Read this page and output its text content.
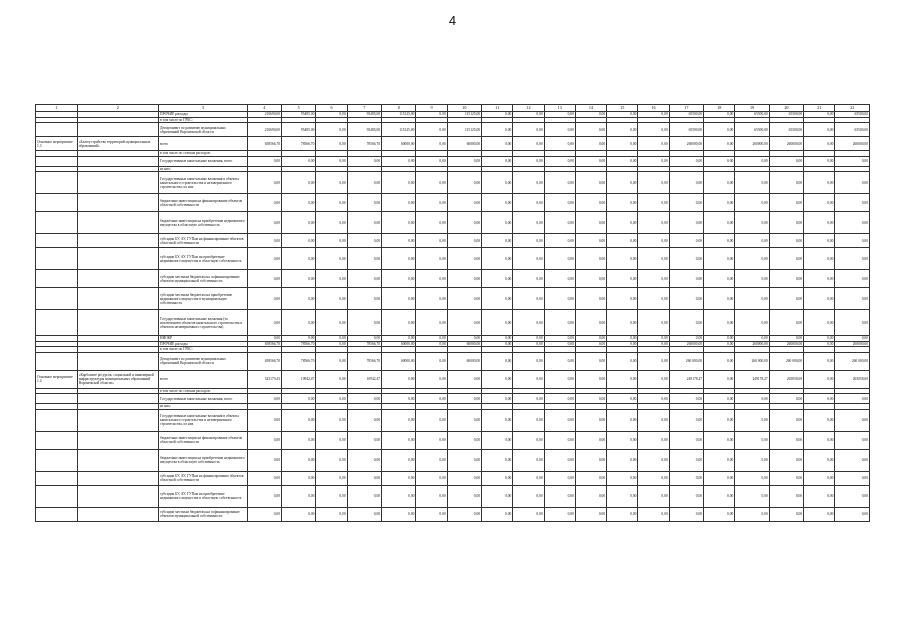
4
1	2	3	4	5	6	7	8	9	10	11	12	13	14	15	16	17	18	19	20	21	22
		ПРОЧИЕ расходы	210690,00	95485,00	0,00	95485,00	115125,00	0,00	115125,00	0,00	0,00	0,00	0,00	0,00	0,00	65500,00	0,00	65500,00	65500,00	0,00	65500,00
		в том числе по ГРБС:																			
		Департамент по развитию муниципальных образований Воронежской области	210690,00	95485,00	0,00	95485,00	115125,00	0,00	115125,00	0,00	0,00	0,00	0,00	0,00	0,00	65500,00	0,00	65500,00	65500,00	0,00	65500,00
Основное мероприятие 1.3	«Благоустройство территорий муниципальных образований»	всего	658566,70	78566,70	0,00	78566,70	60000,00	0,00	60000,00	0,00	0,00	0,00	0,00	0,00	0,00	260000,00	0,00	260000,00	260000,00	0,00	260000,00
		в том числе по статьям расходов:																			
		Государственные капитальные вложения, всего	0,00	0,00	0,00	0,00	0,00	0,00	0,00	0,00	0,00	0,00	0,00	0,00	0,00	0,00	0,00	0,00	0,00	0,00	0,00
		из них:																			
		Государственные капитальные вложения в объекты капитального строительства и незавершенного строительства, из них	0,00	0,00	0,00	0,00	0,00	0,00	0,00	0,00	0,00	0,00	0,00	0,00	0,00	0,00	0,00	0,00	0,00	0,00	0,00
		бюджетные инвестиции на финансирование объектов областной собственности	0,00	0,00	0,00	0,00	0,00	0,00	0,00	0,00	0,00	0,00	0,00	0,00	0,00	0,00	0,00	0,00	0,00	0,00	0,00
		бюджетные инвестиции на приобретение недвижимого имущества в областную собственность	0,00	0,00	0,00	0,00	0,00	0,00	0,00	0,00	0,00	0,00	0,00	0,00	0,00	0,00	0,00	0,00	0,00	0,00	0,00
		субсидии БУ, АУ, ГУПам на финансирование объектов областной собственности	0,00	0,00	0,00	0,00	0,00	0,00	0,00	0,00	0,00	0,00	0,00	0,00	0,00	0,00	0,00	0,00	0,00	0,00	0,00
		субсидии БУ, АУ, ГУПам на приобретение недвижимого имущества в областную собственность	0,00	0,00	0,00	0,00	0,00	0,00	0,00	0,00	0,00	0,00	0,00	0,00	0,00	0,00	0,00	0,00	0,00	0,00	0,00
		субсидии местным бюджетам на софинансирование объектов муниципальной собственности	0,00	0,00	0,00	0,00	0,00	0,00	0,00	0,00	0,00	0,00	0,00	0,00	0,00	0,00	0,00	0,00	0,00	0,00	0,00
		субсидии местным бюджетам на приобретение недвижимого имущества в муниципальную собственность	0,00	0,00	0,00	0,00	0,00	0,00	0,00	0,00	0,00	0,00	0,00	0,00	0,00	0,00	0,00	0,00	0,00	0,00	0,00
		Государственные капитальные вложения (за исключением объектов капитального строительства и объектов незавершенного строительства)	0,00	0,00	0,00	0,00	0,00	0,00	0,00	0,00	0,00	0,00	0,00	0,00	0,00	0,00	0,00	0,00	0,00	0,00	0,00
		НИОКР	0,00	0,00	0,00	0,00	0,00	0,00	0,00	0,00	0,00	0,00	0,00	0,00	0,00	0,00	0,00	0,00	0,00	0,00	0,00
		ПРОЧИЕ расходы	658566,70	78566,70	0,00	78566,70	60000,00	0,00	60000,00	0,00	0,00	0,00	0,00	0,00	0,00	260000,00	0,00	260000,00	260000,00	0,00	260000,00
		в том числе по ГРБС:																			
		Департамент по развитию муниципальных образований Воронежской области	658566,70	78566,70	0,00	78566,70	60000,00	0,00	60000,00	0,00	0,00	0,00	0,00	0,00	0,00	260 000,00	0,00	260 000,00	260 000,00	0,00	260 000,00
Основное мероприятие 1.4	«Карбоните ресурсов, социальной и инженерной инфраструктуры муниципальных образований Воронежской области»	всего	525179,43	10942,47	0,00	10942,47	0,00	0,00	0,00	0,00	0,00	0,00	0,00	0,00	0,00	249178,27	0,00	249178,27	265058,69	0,00	265058,69
		в том числе по статьям расходов:																			
		Государственные капитальные вложения, всего	0,00	0,00	0,00	0,00	0,00	0,00	0,00	0,00	0,00	0,00	0,00	0,00	0,00	0,00	0,00	0,00	0,00	0,00	0,00
		из них:																			
		Государственные капитальные вложения в объекты капитального строительства и незавершенного строительства, из них	0,00	0,00	0,00	0,00	0,00	0,00	0,00	0,00	0,00	0,00	0,00	0,00	0,00	0,00	0,00	0,00	0,00	0,00	0,00
		бюджетные инвестиции на финансирование объектов областной собственности	0,00	0,00	0,00	0,00	0,00	0,00	0,00	0,00	0,00	0,00	0,00	0,00	0,00	0,00	0,00	0,00	0,00	0,00	0,00
		бюджетные инвестиции на приобретение недвижимого имущества в областную собственность	0,00	0,00	0,00	0,00	0,00	0,00	0,00	0,00	0,00	0,00	0,00	0,00	0,00	0,00	0,00	0,00	0,00	0,00	0,00
		субсидии БУ, АУ, ГУПам на финансирование объектов областной собственности	0,00	0,00	0,00	0,00	0,00	0,00	0,00	0,00	0,00	0,00	0,00	0,00	0,00	0,00	0,00	0,00	0,00	0,00	0,00
		субсидии БУ, АУ, ГУПам на приобретение недвижимого имущества в областную собственность	0,00	0,00	0,00	0,00	0,00	0,00	0,00	0,00	0,00	0,00	0,00	0,00	0,00	0,00	0,00	0,00	0,00	0,00	0,00
		субсидии местным бюджетам на софинансирование объектов муниципальной собственности	0,00	0,00	0,00	0,00	0,00	0,00	0,00	0,00	0,00	0,00	0,00	0,00	0,00	0,00	0,00	0,00	0,00	0,00	0,00
